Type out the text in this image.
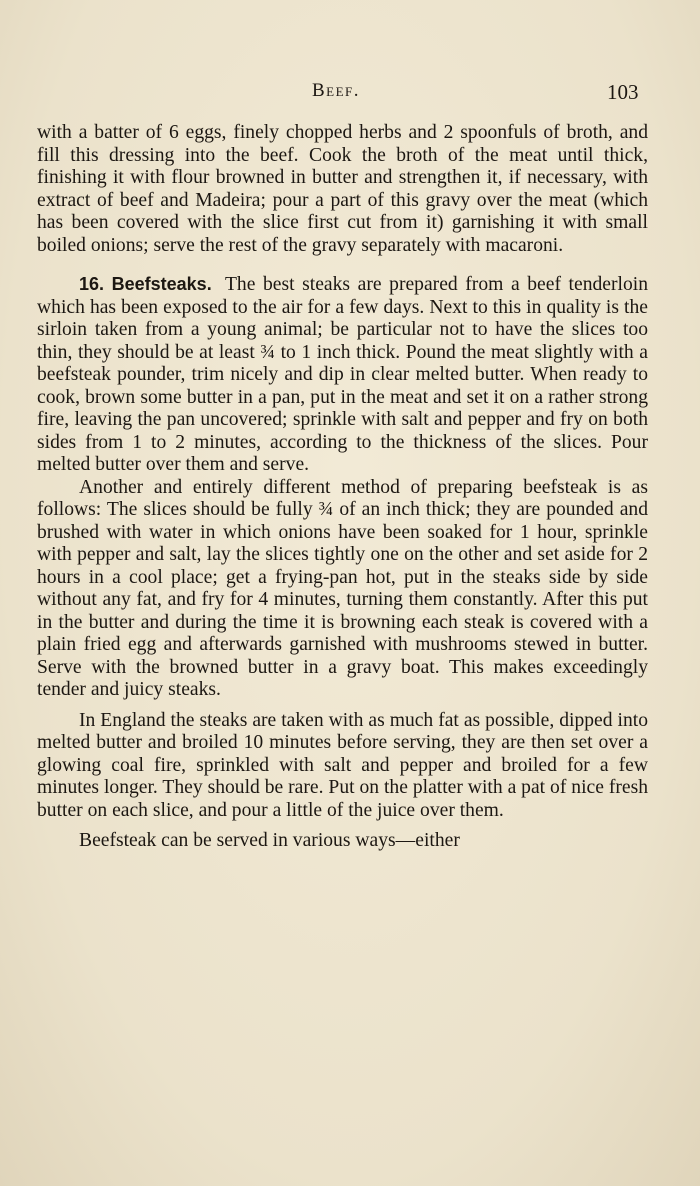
Beef.	103

with a batter of 6 eggs, finely chopped herbs and 2 spoonfuls of broth, and fill this dressing into the beef. Cook the broth of the meat until thick, finishing it with flour browned in butter and strengthen it, if necessary, with extract of beef and Madeira; pour a part of this gravy over the meat (which has been covered with the slice first cut from it) garnishing it with small boiled onions; serve the rest of the gravy separately with macaroni.

16. Beefsteaks. The best steaks are prepared from a beef tenderloin which has been exposed to the air for a few days. Next to this in quality is the sirloin taken from a young animal; be particular not to have the slices too thin, they should be at least ¾ to 1 inch thick. Pound the meat slightly with a beefsteak pounder, trim nicely and dip in clear melted butter. When ready to cook, brown some butter in a pan, put in the meat and set it on a rather strong fire, leaving the pan uncovered; sprinkle with salt and pepper and fry on both sides from 1 to 2 minutes, according to the thickness of the slices. Pour melted butter over them and serve.

Another and entirely different method of preparing beefsteak is as follows: The slices should be fully ¾ of an inch thick; they are pounded and brushed with water in which onions have been soaked for 1 hour, sprinkle with pepper and salt, lay the slices tightly one on the other and set aside for 2 hours in a cool place; get a frying-pan hot, put in the steaks side by side without any fat, and fry for 4 minutes, turning them constantly. After this put in the butter and during the time it is browning each steak is covered with a plain fried egg and afterwards garnished with mushrooms stewed in butter. Serve with the browned butter in a gravy boat. This makes exceedingly tender and juicy steaks.

In England the steaks are taken with as much fat as possible, dipped into melted butter and broiled 10 minutes before serving, they are then set over a glowing coal fire, sprinkled with salt and pepper and broiled for a few minutes longer. They should be rare. Put on the platter with a pat of nice fresh butter on each slice, and pour a little of the juice over them.

Beefsteak can be served in various ways—either
